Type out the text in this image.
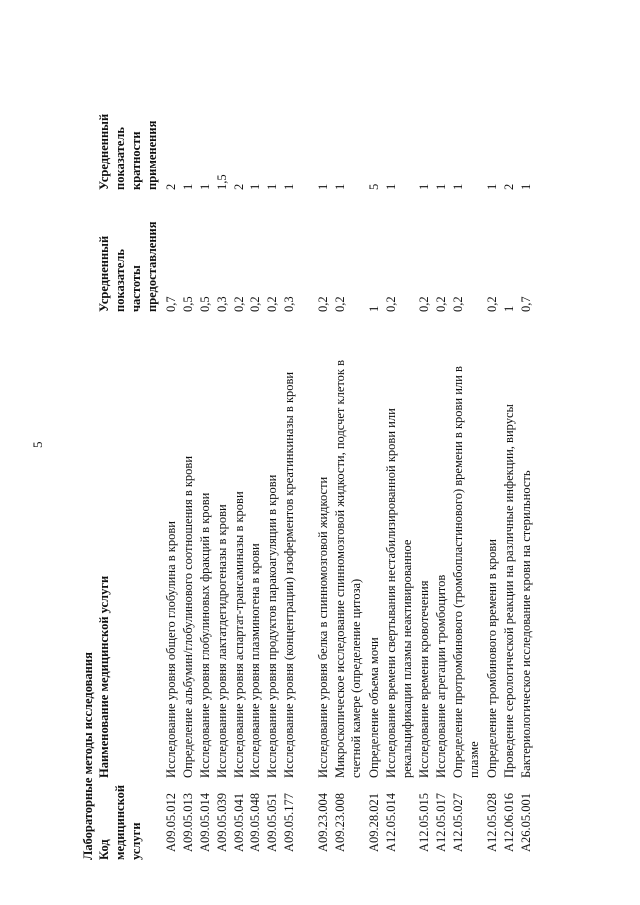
5
Лабораторные методы исследования Код медицинской услуги
Наименование медицинской услуги
Усредненный показатель частоты предоставления
Усредненный показатель кратности применения
A09.05.012
Исследование уровня общего глобулина в крови
0,7
2
A09.05.013
Определение альбумин/глобулинового соотношения в крови
0,5
1
A09.05.014
Исследование уровня глобулиновых фракций в крови
0,5
1
A09.05.039
Исследование уровня лактатдегидрогеназы в крови
0,3
1,5
A09.05.041
Исследование уровня аспартат-трансаминазы в крови
0,2
2
A09.05.048
Исследование уровня плазминогена в крови
0,2
1
A09.05.051
Исследование уровня продуктов паракоагуляции в крови
0,2
1
A09.05.177
Исследование уровня (концентрации) изоферментов креатинкиназы в крови
0,3
1
A09.23.004
Исследование уровня белка в спинномозговой жидкости
0,2
1
A09.23.008
Микроскопическое исследование спинномозговой жидкости, подсчет клеток в счетной камере (определение цитоза)
0,2
1
A09.28.021
Определение объема мочи
1
5
A12.05.014
Исследование времени свертывания нестабилизированной крови или рекальцификации плазмы неактивированное
0,2
1
A12.05.015
Исследование времени кровотечения
0,2
1
A12.05.017
Исследование агрегации тромбоцитов
0,2
1
A12.05.027
Определение протромбинового (тромбопластинового) времени в крови или в плазме
0,2
1
A12.05.028
Определение тромбинового времени в крови
0,2
1
A12.06.016
Проведение серологической реакции на различные инфекции, вирусы
1
2
A26.05.001
Бактериологическое исследование крови на стерильность
0,7
1
